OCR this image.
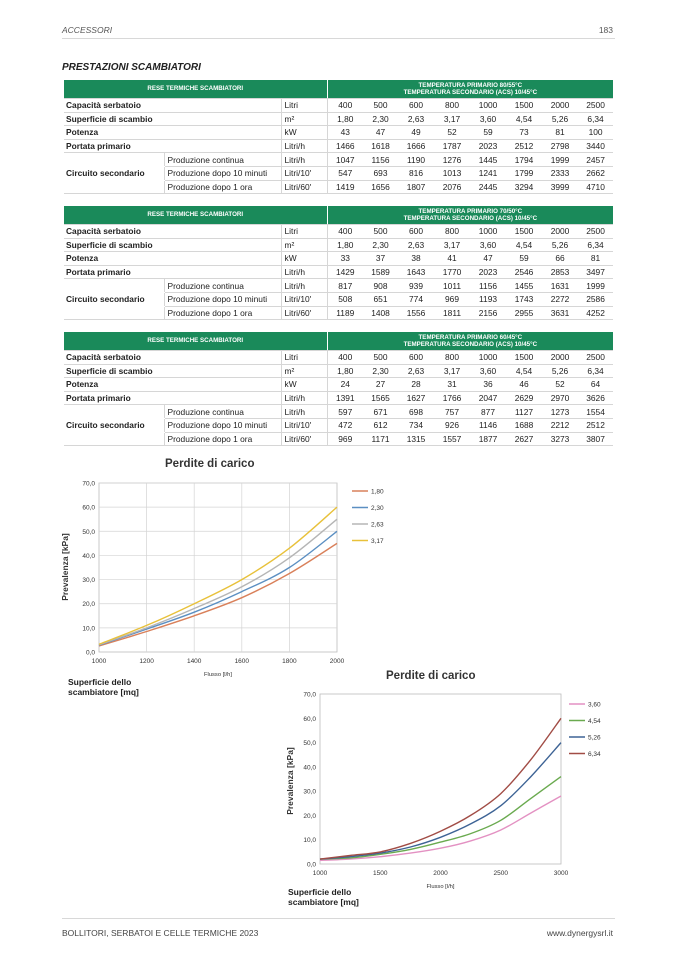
ACCESSORI	183
PRESTAZIONI SCAMBIATORI
RESE TERMICHE SCAMBIATORI			TEMPERATURA PRIMARIO 80/55°C
TEMPERATURA SECONDARIO (ACS) 10/45°C							

Capacità serbatoio		Litri	400	500	600	800	1000	1500	2000	2500
Superficie di scambio		m²	1,80	2,30	2,63	3,17	3,60	4,54	5,26	6,34
Potenza		kW	43	47	49	52	59	73	81	100
Portata primario		Litri/h	1466	1618	1666	1787	2023	2512	2798	3440
	Produzione continua	Litri/h	1047	1156	1190	1276	1445	1794	1999	2457
Circuito secondario	Produzione dopo 10 minuti	Litri/10'	547	693	816	1013	1241	1799	2333	2662
	Produzione dopo 1 ora	Litri/60'	1419	1656	1807	2076	2445	3294	3999	4710
RESE TERMICHE SCAMBIATORI			TEMPERATURA PRIMARIO 70/50°C
TEMPERATURA SECONDARIO (ACS) 10/45°C							

Capacità serbatoio		Litri	400	500	600	800	1000	1500	2000	2500
Superficie di scambio		m²	1,80	2,30	2,63	3,17	3,60	4,54	5,26	6,34
Potenza		kW	33	37	38	41	47	59	66	81
Portata primario		Litri/h	1429	1589	1643	1770	2023	2546	2853	3497
	Produzione continua	Litri/h	817	908	939	1011	1156	1455	1631	1999
Circuito secondario	Produzione dopo 10 minuti	Litri/10'	508	651	774	969	1193	1743	2272	2586
	Produzione dopo 1 ora	Litri/60'	1189	1408	1556	1811	2156	2955	3631	4252
RESE TERMICHE SCAMBIATORI			TEMPERATURA PRIMARIO 60/45°C
TEMPERATURA SECONDARIO (ACS) 10/45°C							

Capacità serbatoio		Litri	400	500	600	800	1000	1500	2000	2500
Superficie di scambio		m²	1,80	2,30	2,63	3,17	3,60	4,54	5,26	6,34
Potenza		kW	24	27	28	31	36	46	52	64
Portata primario		Litri/h	1391	1565	1627	1766	2047	2629	2970	3626
	Produzione continua	Litri/h	597	671	698	757	877	1127	1273	1554
Circuito secondario	Produzione dopo 10 minuti	Litri/10'	472	612	734	926	1146	1688	2212	2512
	Produzione dopo 1 ora	Litri/60'	969	1171	1315	1557	1877	2627	3273	3807
Perdite di carico
0,0
10,0
20,0
30,0
40,0
50,0
60,0
70,0
1000	1200	1400	1600	1800	2000
Flusso [l/h]
1,80
2,30
2,63
3,17
Prevalenza [kPa]
Superficie dello scambiatore [mq]
Perdite di carico
0,0
10,0
20,0
30,0
40,0
50,0
60,0
70,0
1000	1500	2000	2500	3000
Flusso [l/h]
3,60
4,54
5,26
6,34
Prevalenza [kPa]
Superficie dello scambiatore [mq]
BOLLITORI, SERBATOI E CELLE TERMICHE 2023	www.dynergysrl.it
